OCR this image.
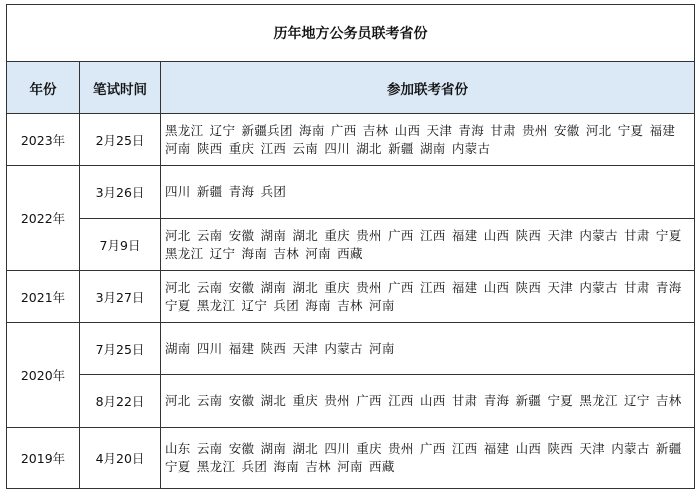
历年地方公务员联考省份		
年份	笔试时间	参加联考省份
2023年	2月25日	黑龙江 辽宁 新疆兵团 海南 广西 吉林 山西 天津 青海 甘肃 贵州 安徽 河北 宁夏 福建 河南 陕西 重庆 江西 云南 四川 湖北 新疆 湖南 内蒙古
2022年	3月26日	四川 新疆 青海 兵团
	7月9日	河北 云南 安徽 湖南 湖北 重庆 贵州 广西 江西 福建 山西 陕西 天津 内蒙古 甘肃 宁夏 黑龙江 辽宁 海南 吉林 河南 西藏
2021年	3月27日	河北 云南 安徽 湖南 湖北 重庆 贵州 广西 江西 福建 山西 陕西 天津 内蒙古 甘肃 青海 宁夏 黑龙江 辽宁 兵团 海南 吉林 河南
2020年	7月25日	湖南 四川 福建 陕西 天津 内蒙古 河南
	8月22日	河北 云南 安徽 湖北 重庆 贵州 广西 江西 山西 甘肃 青海 新疆 宁夏 黑龙江 辽宁 吉林
2019年	4月20日	山东 云南 安徽 湖南 湖北 四川 重庆 贵州 广西 江西 福建 山西 陕西 天津 内蒙古 新疆 宁夏 黑龙江 兵团 海南 吉林 河南 西藏
